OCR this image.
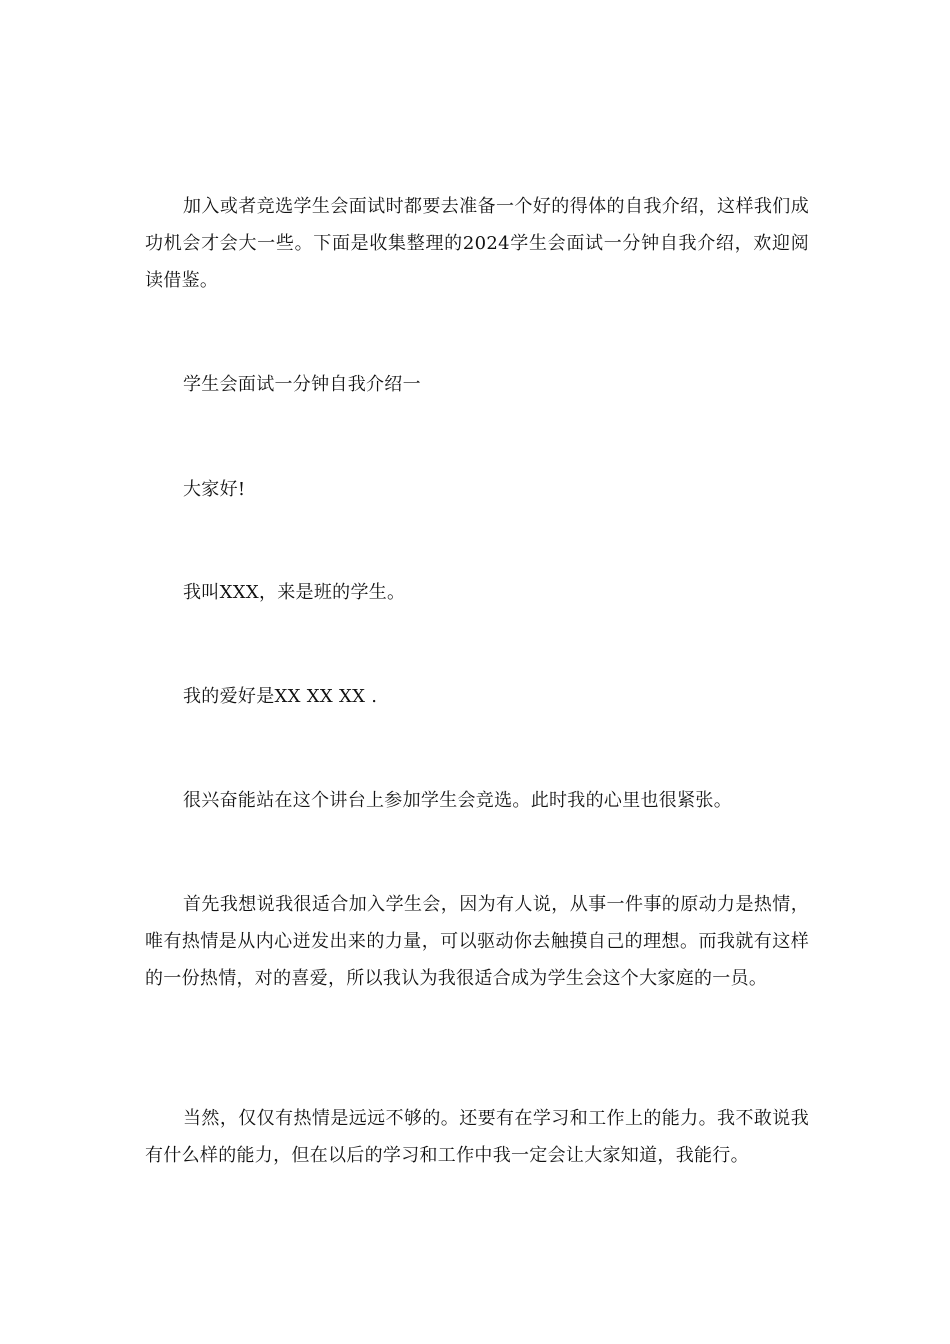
加入或者竞选学生会面试时都要去准备一个好的得体的自我介绍，这样我们成功机会才会大一些。下面是收集整理的2024学生会面试一分钟自我介绍，欢迎阅读借鉴。

学生会面试一分钟自我介绍一

大家好!

我叫XXX，来是班的学生。

我的爱好是XX XX XX .

很兴奋能站在这个讲台上参加学生会竞选。此时我的心里也很紧张。

首先我想说我很适合加入学生会，因为有人说，从事一件事的原动力是热情，唯有热情是从内心迸发出来的力量，可以驱动你去触摸自己的理想。而我就有这样的一份热情，对的喜爱，所以我认为我很适合成为学生会这个大家庭的一员。

当然，仅仅有热情是远远不够的。还要有在学习和工作上的能力。我不敢说我有什么样的能力，但在以后的学习和工作中我一定会让大家知道，我能行。
